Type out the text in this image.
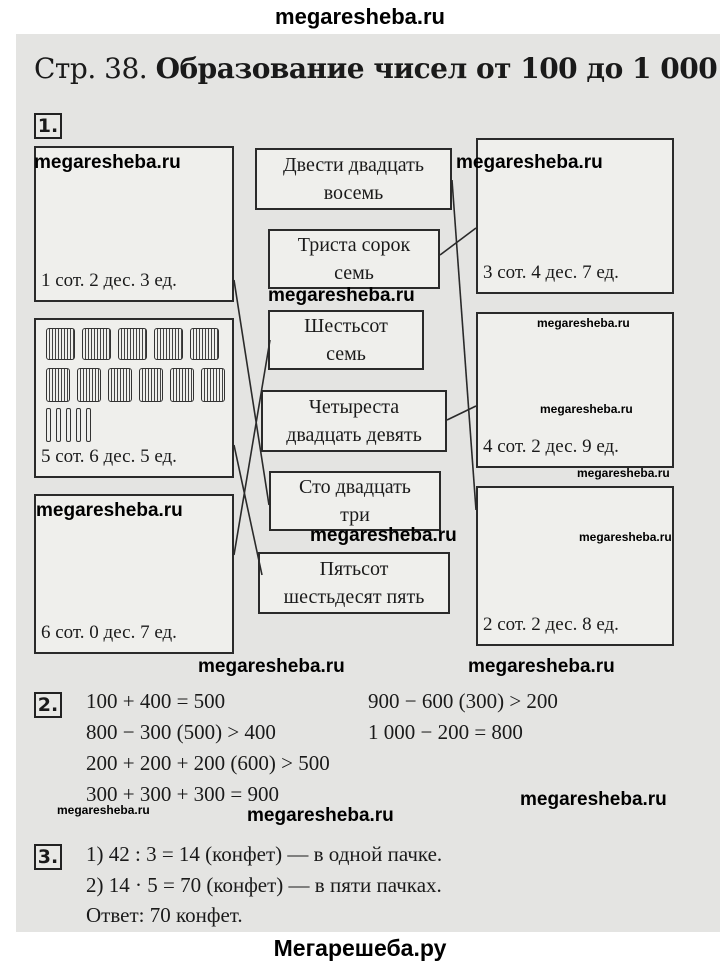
megaresheba.ru
Мегарешеба.ру
Стр. 38. Образование чисел от 100 до 1 000
1.
1 сот. 2 дес. 3 ед.
5 сот. 6 дес. 5 ед.
6 сот. 0 дес. 7 ед.
3 сот. 4 дес. 7 ед.
4 сот. 2 дес. 9 ед.
2 сот. 2 дес. 8 ед.
Двести двадцать
восемь
Триста сорок
семь
Шестьсот
семь
Четыреста
двадцать девять
Сто двадцать
три
Пятьсот
шестьдесят пять
2. 100 + 400 = 500
800 − 300 (500) > 400
200 + 200 + 200 (600) > 500
300 + 300 + 300 = 900
900 − 600 (300) > 200
1 000 − 200 = 800
3. 1) 42 : 3 = 14 (конфет) — в одной пачке.
2) 14 · 5 = 70 (конфет) — в пяти пачках.
Ответ: 70 конфет.
megaresheba.ru	megaresheba.ru
megaresheba.ru
megaresheba.ru
megaresheba.ru
megaresheba.ru
megaresheba.ru
megaresheba.ru	megaresheba.ru
megaresheba.ru	megaresheba.ru
megaresheba.ru	megaresheba.ru
megaresheba.ru
